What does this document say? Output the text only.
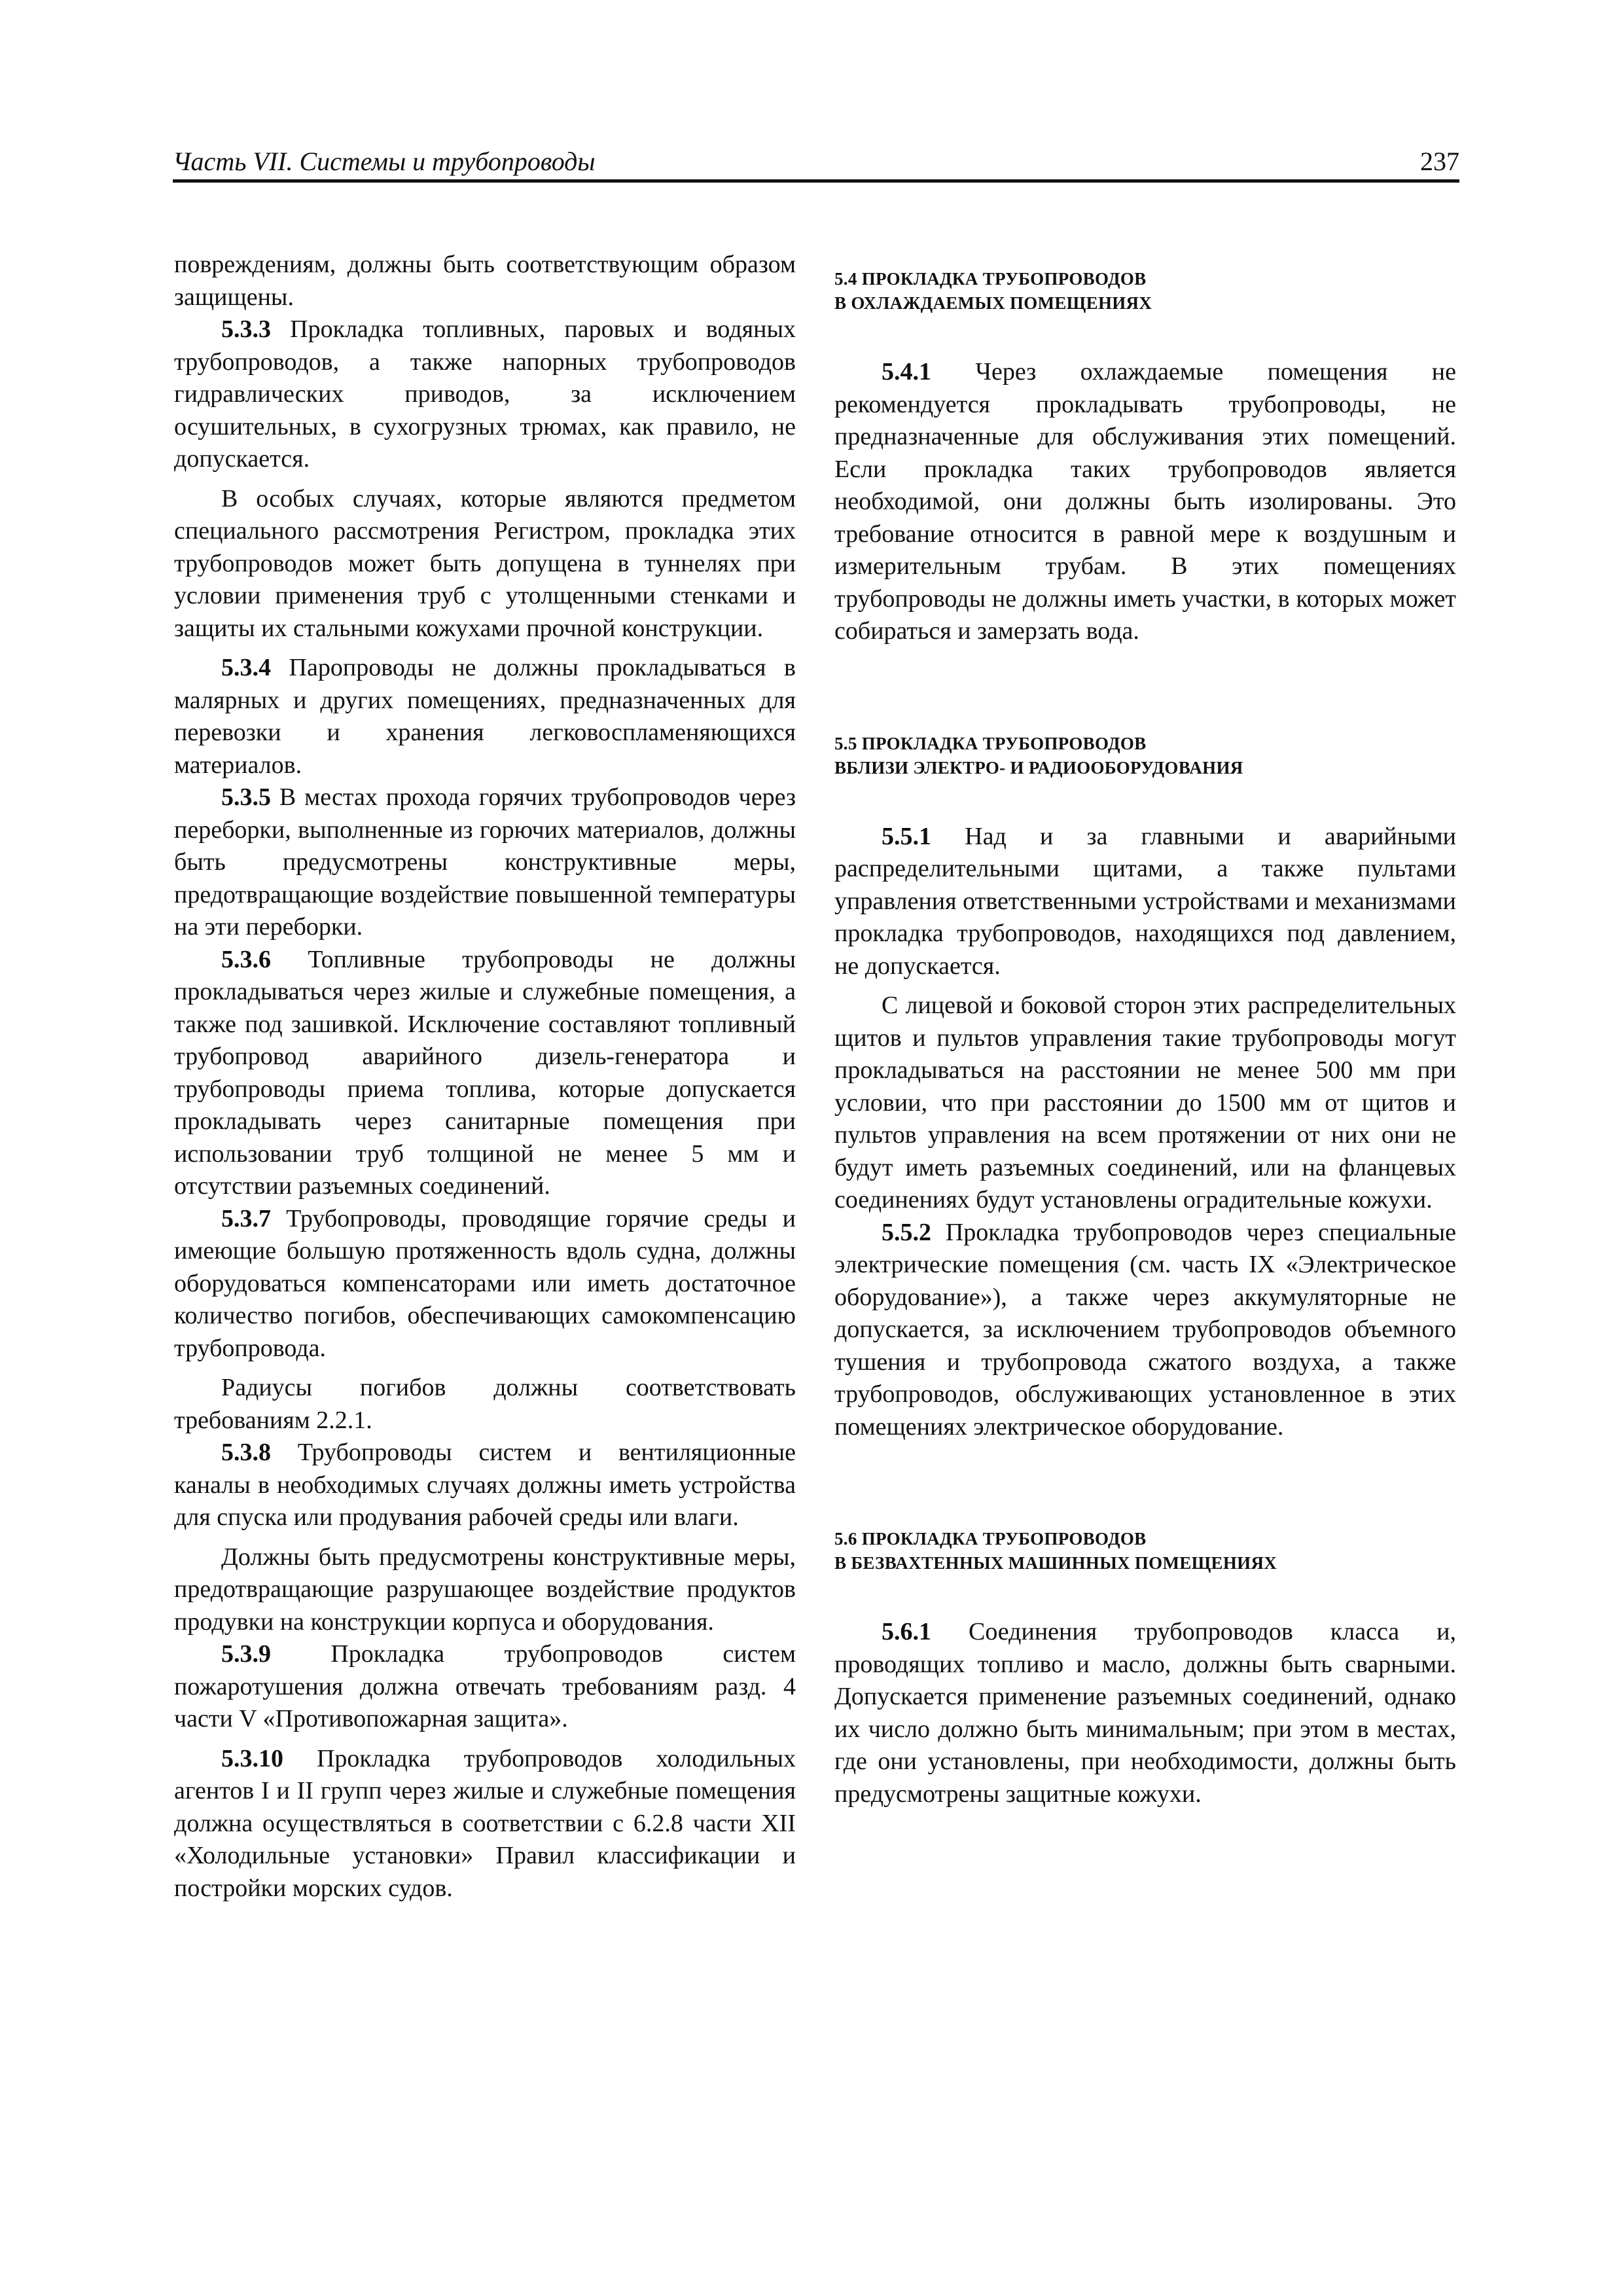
Часть VII. Системы и трубопроводы	237

повреждениям, должны быть соответствующим образом защищены.

5.3.3 Прокладка топливных, паровых и водяных трубопроводов, а также напорных трубопроводов гидравлических приводов, за исключением осушительных, в сухогрузных трюмах, как правило, не допускается.

В особых случаях, которые являются предметом специального рассмотрения Регистром, прокладка этих трубопроводов может быть допущена в туннелях при условии применения труб с утолщенными стенками и защиты их стальными кожухами прочной конструкции.

5.3.4 Паропроводы не должны прокладываться в малярных и других помещениях, предназначенных для перевозки и хранения легковоспламеняющихся материалов.

5.3.5 В местах прохода горячих трубопроводов через переборки, выполненные из горючих материалов, должны быть предусмотрены конструктивные меры, предотвращающие воздействие повышенной температуры на эти переборки.

5.3.6 Топливные трубопроводы не должны прокладываться через жилые и служебные помещения, а также под зашивкой. Исключение составляют топливный трубопровод аварийного дизель-генератора и трубопроводы приема топлива, которые допускается прокладывать через санитарные помещения при использовании труб толщиной не менее 5 мм и отсутствии разъемных соединений.

5.3.7 Трубопроводы, проводящие горячие среды и имеющие большую протяженность вдоль судна, должны оборудоваться компенсаторами или иметь достаточное количество погибов, обеспечивающих самокомпенсацию трубопровода.

Радиусы погибов должны соответствовать требованиям 2.2.1.

5.3.8 Трубопроводы систем и вентиляционные каналы в необходимых случаях должны иметь устройства для спуска или продувания рабочей среды или влаги.

Должны быть предусмотрены конструктивные меры, предотвращающие разрушающее воздействие продуктов продувки на конструкции корпуса и оборудования.

5.3.9 Прокладка трубопроводов систем пожаротушения должна отвечать требованиям разд. 4 части V «Противопожарная защита».

5.3.10 Прокладка трубопроводов холодильных агентов I и II групп через жилые и служебные помещения должна осуществляться в соответствии с 6.2.8 части XII «Холодильные установки» Правил классификации и постройки морских судов.

5.4 ПРОКЛАДКА ТРУБОПРОВОДОВ
В ОХЛАЖДАЕМЫХ ПОМЕЩЕНИЯХ

5.4.1 Через охлаждаемые помещения не рекомендуется прокладывать трубопроводы, не предназначенные для обслуживания этих помещений. Если прокладка таких трубопроводов является необходимой, они должны быть изолированы. Это требование относится в равной мере к воздушным и измерительным трубам. В этих помещениях трубопроводы не должны иметь участки, в которых может собираться и замерзать вода.

5.5 ПРОКЛАДКА ТРУБОПРОВОДОВ
ВБЛИЗИ ЭЛЕКТРО- И РАДИООБОРУДОВАНИЯ

5.5.1 Над и за главными и аварийными распределительными щитами, а также пультами управления ответственными устройствами и механизмами прокладка трубопроводов, находящихся под давлением, не допускается.

С лицевой и боковой сторон этих распределительных щитов и пультов управления такие трубопроводы могут прокладываться на расстоянии не менее 500 мм при условии, что при расстоянии до 1500 мм от щитов и пультов управления на всем протяжении от них они не будут иметь разъемных соединений, или на фланцевых соединениях будут установлены оградительные кожухи.

5.5.2 Прокладка трубопроводов через специальные электрические помещения (см. часть IX «Электрическое оборудование»), а также через аккумуляторные не допускается, за исключением трубопроводов объемного тушения и трубопровода сжатого воздуха, а также трубопроводов, обслуживающих установленное в этих помещениях электрическое оборудование.

5.6 ПРОКЛАДКА ТРУБОПРОВОДОВ
В БЕЗВАХТЕННЫХ МАШИННЫХ ПОМЕЩЕНИЯХ

5.6.1 Соединения трубопроводов класса и, проводящих топливо и масло, должны быть сварными. Допускается применение разъемных соединений, однако их число должно быть минимальным; при этом в местах, где они установлены, при необходимости, должны быть предусмотрены защитные кожухи.
